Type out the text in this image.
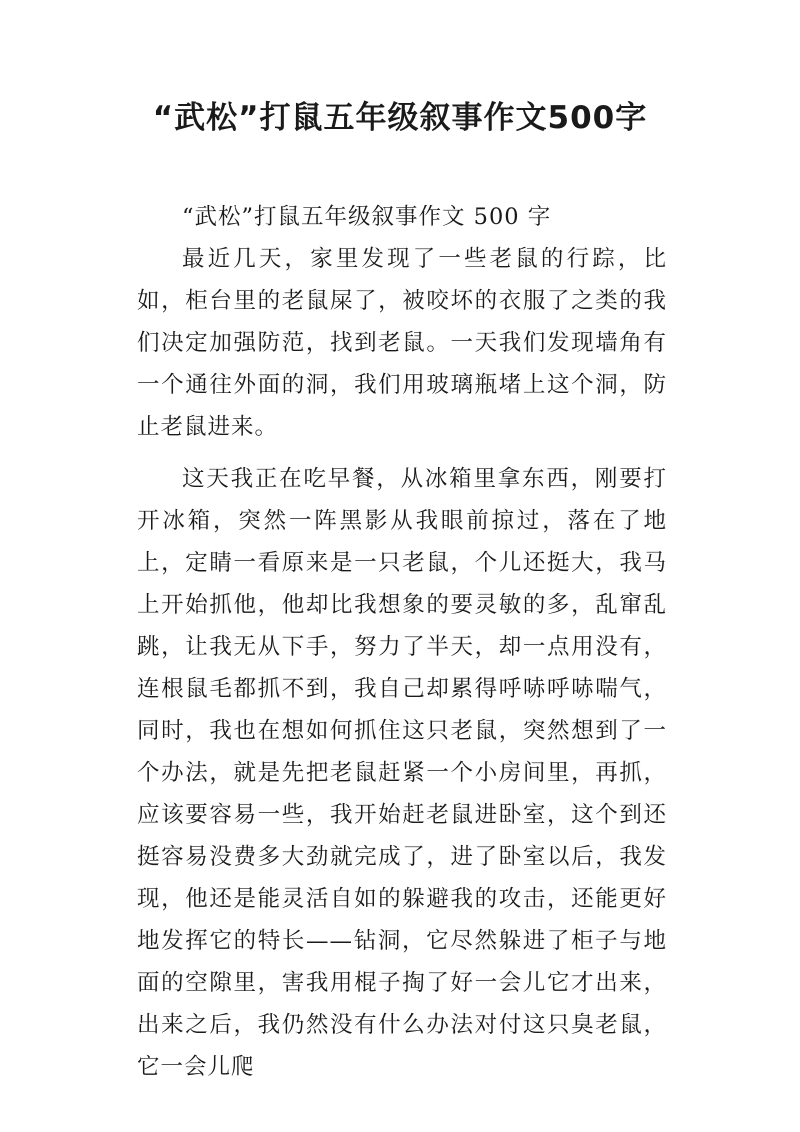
“武松”打鼠五年级叙事作文500字

“武松”打鼠五年级叙事作文 500 字

最近几天，家里发现了一些老鼠的行踪，比如，柜台里的老鼠屎了，被咬坏的衣服了之类的我们决定加强防范，找到老鼠。一天我们发现墙角有一个通往外面的洞，我们用玻璃瓶堵上这个洞，防止老鼠进来。

这天我正在吃早餐，从冰箱里拿东西，刚要打开冰箱，突然一阵黑影从我眼前掠过，落在了地上，定睛一看原来是一只老鼠，个儿还挺大，我马上开始抓他，他却比我想象的要灵敏的多，乱窜乱跳，让我无从下手，努力了半天，却一点用没有，连根鼠毛都抓不到，我自己却累得呼哧呼哧喘气，同时，我也在想如何抓住这只老鼠，突然想到了一个办法，就是先把老鼠赶紧一个小房间里，再抓，应该要容易一些，我开始赶老鼠进卧室，这个到还挺容易没费多大劲就完成了，进了卧室以后，我发现，他还是能灵活自如的躲避我的攻击，还能更好地发挥它的特长——钻洞，它尽然躲进了柜子与地面的空隙里，害我用棍子掏了好一会儿它才出来，出来之后，我仍然没有什么办法对付这只臭老鼠，它一会儿爬
